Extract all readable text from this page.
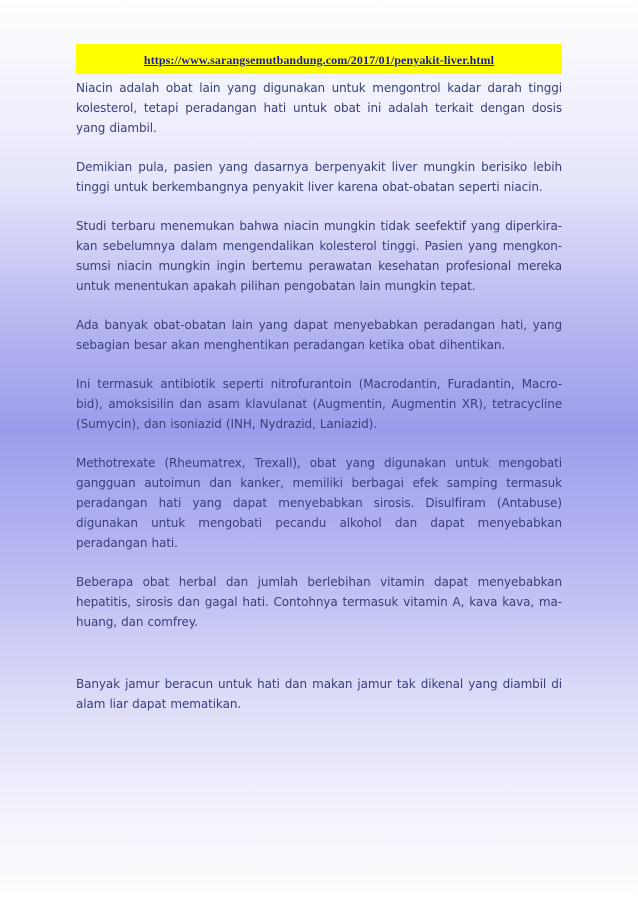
https://www.sarangsemutbandung.com/2017/01/penyakit-liver.html

Niacin adalah obat lain yang digunakan untuk mengontrol kadar darah tinggi kolesterol, tetapi peradangan hati untuk obat ini adalah terkait dengan dosis yang diambil.

Demikian pula, pasien yang dasarnya berpenyakit liver mungkin berisiko lebih tinggi untuk berkembangnya penyakit liver karena obat-obatan seperti niacin.

Studi terbaru menemukan bahwa niacin mungkin tidak seefektif yang diperkira-kan sebelumnya dalam mengendalikan kolesterol tinggi. Pasien yang mengkon-sumsi niacin mungkin ingin bertemu perawatan kesehatan profesional mereka untuk menentukan apakah pilihan pengobatan lain mungkin tepat.

Ada banyak obat-obatan lain yang dapat menyebabkan peradangan hati, yang sebagian besar akan menghentikan peradangan ketika obat dihentikan.

Ini termasuk antibiotik seperti nitrofurantoin (Macrodantin, Furadantin, Macro-bid), amoksisilin dan asam klavulanat (Augmentin, Augmentin XR), tetracycline (Sumycin), dan isoniazid (INH, Nydrazid, Laniazid).

Methotrexate (Rheumatrex, Trexall), obat yang digunakan untuk mengobati gangguan autoimun dan kanker, memiliki berbagai efek samping termasuk peradangan hati yang dapat menyebabkan sirosis. Disulfiram (Antabuse) digunakan untuk mengobati pecandu alkohol dan dapat menyebabkan peradangan hati.

Beberapa obat herbal dan jumlah berlebihan vitamin dapat menyebabkan hepatitis, sirosis dan gagal hati. Contohnya termasuk vitamin A, kava kava, ma-huang, dan comfrey.

Banyak jamur beracun untuk hati dan makan jamur tak dikenal yang diambil di alam liar dapat mematikan.
